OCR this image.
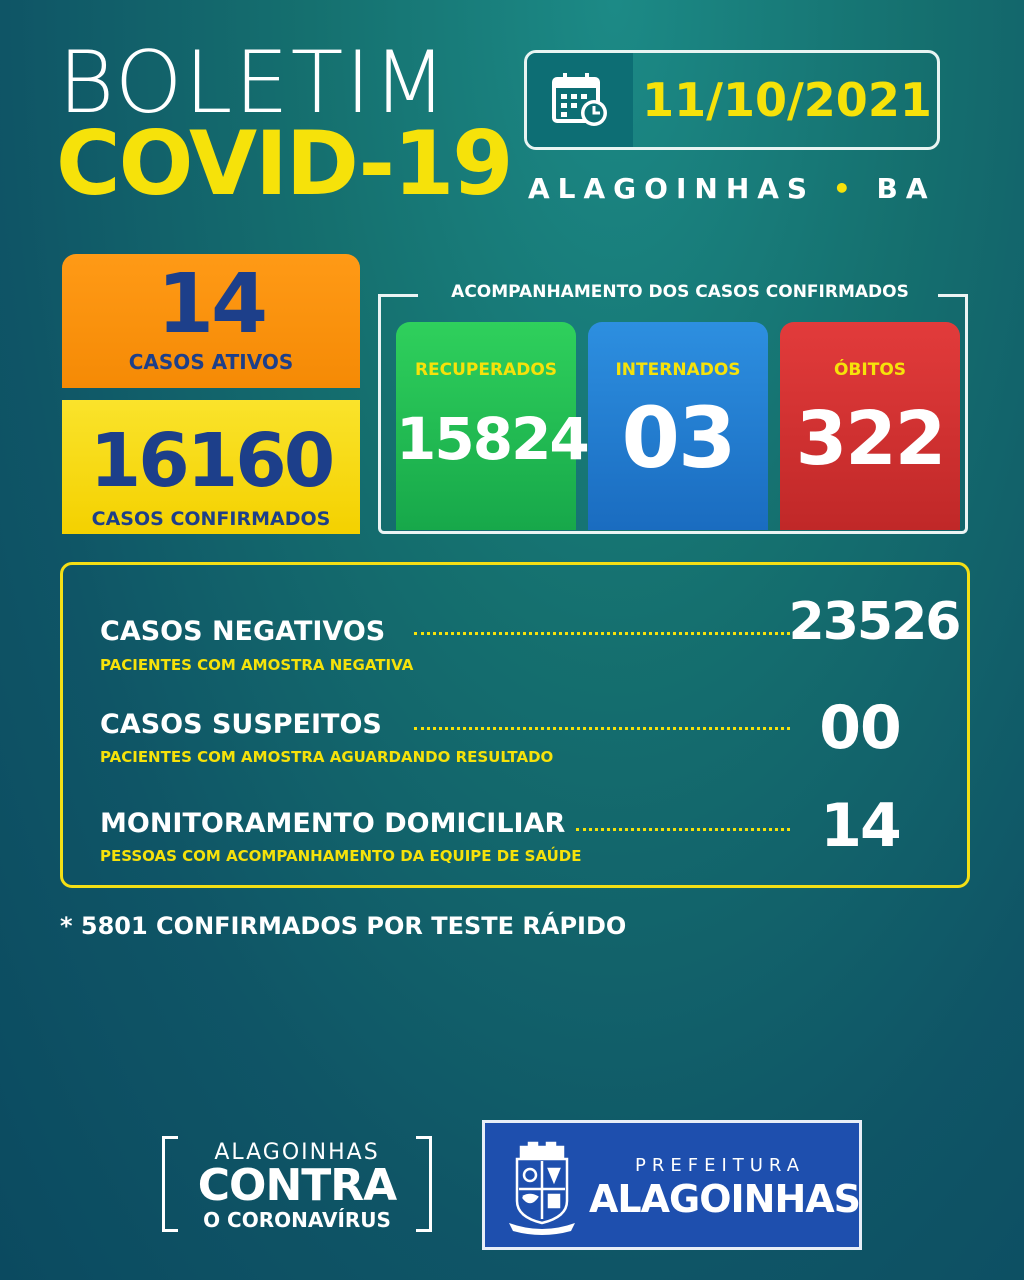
BOLETIM
COVID-19
11/10/2021
ALAGOINHAS • BA
14
CASOS ATIVOS
16160
CASOS CONFIRMADOS
ACOMPANHAMENTO DOS CASOS CONFIRMADOS
RECUPERADOS
15824
INTERNADOS
03
ÓBITOS
322
CASOS NEGATIVOS
PACIENTES COM AMOSTRA NEGATIVA
23526
CASOS SUSPEITOS
PACIENTES COM AMOSTRA AGUARDANDO RESULTADO	00
MONITORAMENTO DOMICILIAR
PESSOAS COM ACOMPANHAMENTO DA EQUIPE DE SAÚDE	14
* 5801 CONFIRMADOS POR TESTE RÁPIDO
ALAGOINHAS
CONTRA
O CORONAVÍRUS
PREFEITURA
ALAGOINHAS
